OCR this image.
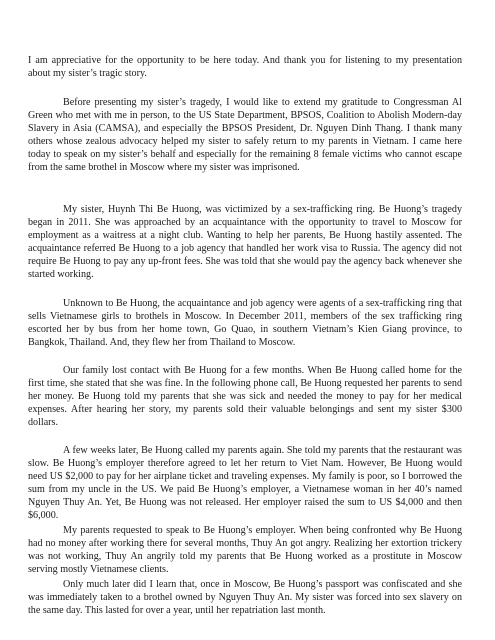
I am appreciative for the opportunity to be here today. And thank you for listening to my presentation about my sister’s tragic story.

Before presenting my sister’s tragedy, I would like to extend my gratitude to Congressman Al Green who met with me in person, to the US State Department, BPSOS, Coalition to Abolish Modern-day Slavery in Asia (CAMSA), and especially the BPSOS President, Dr. Nguyen Dinh Thang. I thank many others whose zealous advocacy helped my sister to safely return to my parents in Vietnam. I came here today to speak on my sister’s behalf and especially for the remaining 8 female victims who cannot escape from the same brothel in Moscow where my sister was imprisoned.

My sister, Huynh Thi Be Huong, was victimized by a sex-trafficking ring. Be Huong’s tragedy began in 2011. She was approached by an acquaintance with the opportunity to travel to Moscow for employment as a waitress at a night club. Wanting to help her parents, Be Huong hastily assented. The acquaintance referred Be Huong to a job agency that handled her work visa to Russia. The agency did not require Be Huong to pay any up-front fees. She was told that she would pay the agency back whenever she started working.

Unknown to Be Huong, the acquaintance and job agency were agents of a sex-trafficking ring that sells Vietnamese girls to brothels in Moscow. In December 2011, members of the sex trafficking ring escorted her by bus from her home town, Go Quao, in southern Vietnam’s Kien Giang province, to Bangkok, Thailand. And, they flew her from Thailand to Moscow.

Our family lost contact with Be Huong for a few months. When Be Huong called home for the first time, she stated that she was fine. In the following phone call, Be Huong requested her parents to send her money. Be Huong told my parents that she was sick and needed the money to pay for her medical expenses. After hearing her story, my parents sold their valuable belongings and sent my sister $300 dollars.

A few weeks later, Be Huong called my parents again. She told my parents that the restaurant was slow. Be Huong’s employer therefore agreed to let her return to Viet Nam. However, Be Huong would need US $2,000 to pay for her airplane ticket and traveling expenses. My family is poor, so I borrowed the sum from my uncle in the US. We paid Be Huong’s employer, a Vietnamese woman in her 40’s named Nguyen Thuy An. Yet, Be Huong was not released. Her employer raised the sum to US $4,000 and then $6,000.

My parents requested to speak to Be Huong’s employer. When being confronted why Be Huong had no money after working there for several months, Thuy An got angry. Realizing her extortion trickery was not working, Thuy An angrily told my parents that Be Huong worked as a prostitute in Moscow serving mostly Vietnamese clients.

Only much later did I learn that, once in Moscow, Be Huong’s passport was confiscated and she was immediately taken to a brothel owned by Nguyen Thuy An. My sister was forced into sex slavery on the same day. This lasted for over a year, until her repatriation last month.
